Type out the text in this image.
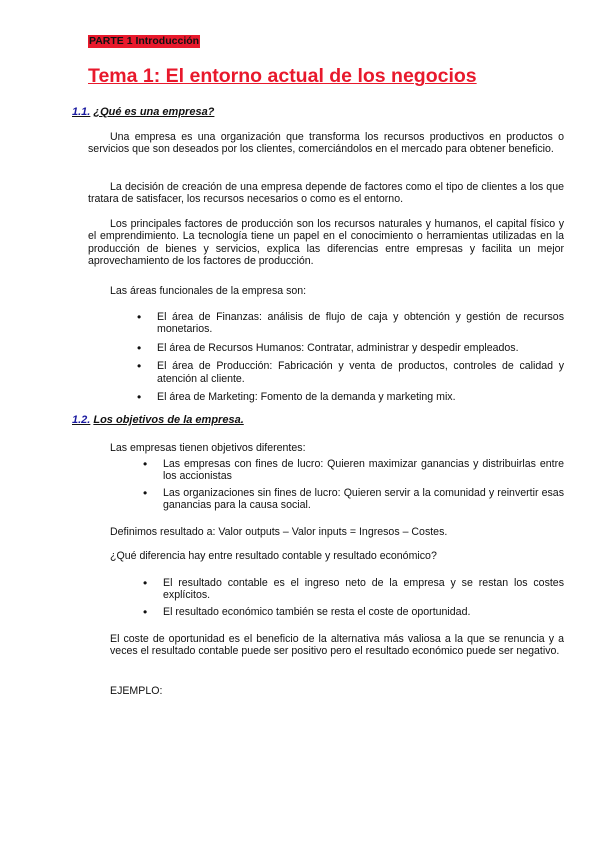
PARTE 1 Introducción
Tema 1: El entorno actual de los negocios
1.1. ¿Qué es una empresa?

Una empresa es una organización que transforma los recursos productivos en productos o servicios que son deseados por los clientes, comerciándolos en el mercado para obtener beneficio.

La decisión de creación de una empresa depende de factores como el tipo de clientes a los que tratara de satisfacer, los recursos necesarios o como es el entorno.

Los principales factores de producción son los recursos naturales y humanos, el capital físico y el emprendimiento. La tecnología tiene un papel en el conocimiento o herramientas utilizadas en la producción de bienes y servicios, explica las diferencias entre empresas y facilita un mejor aprovechamiento de los factores de producción.

Las áreas funcionales de la empresa son:

• El área de Finanzas: análisis de flujo de caja y obtención y gestión de recursos monetarios.
• El área de Recursos Humanos: Contratar, administrar y despedir empleados.
• El área de Producción: Fabricación y venta de productos, controles de calidad y atención al cliente.
• El área de Marketing: Fomento de la demanda y marketing mix.
1.2. Los objetivos de la empresa.

Las empresas tienen objetivos diferentes:

• Las empresas con fines de lucro: Quieren maximizar ganancias y distribuirlas entre los accionistas
• Las organizaciones sin fines de lucro: Quieren servir a la comunidad y reinvertir esas ganancias para la causa social.

Definimos resultado a: Valor outputs – Valor inputs = Ingresos – Costes.

¿Qué diferencia hay entre resultado contable y resultado económico?

• El resultado contable es el ingreso neto de la empresa y se restan los costes explícitos.
• El resultado económico también se resta el coste de oportunidad.

El coste de oportunidad es el beneficio de la alternativa más valiosa a la que se renuncia y a veces el resultado contable puede ser positivo pero el resultado económico puede ser negativo.

EJEMPLO:
